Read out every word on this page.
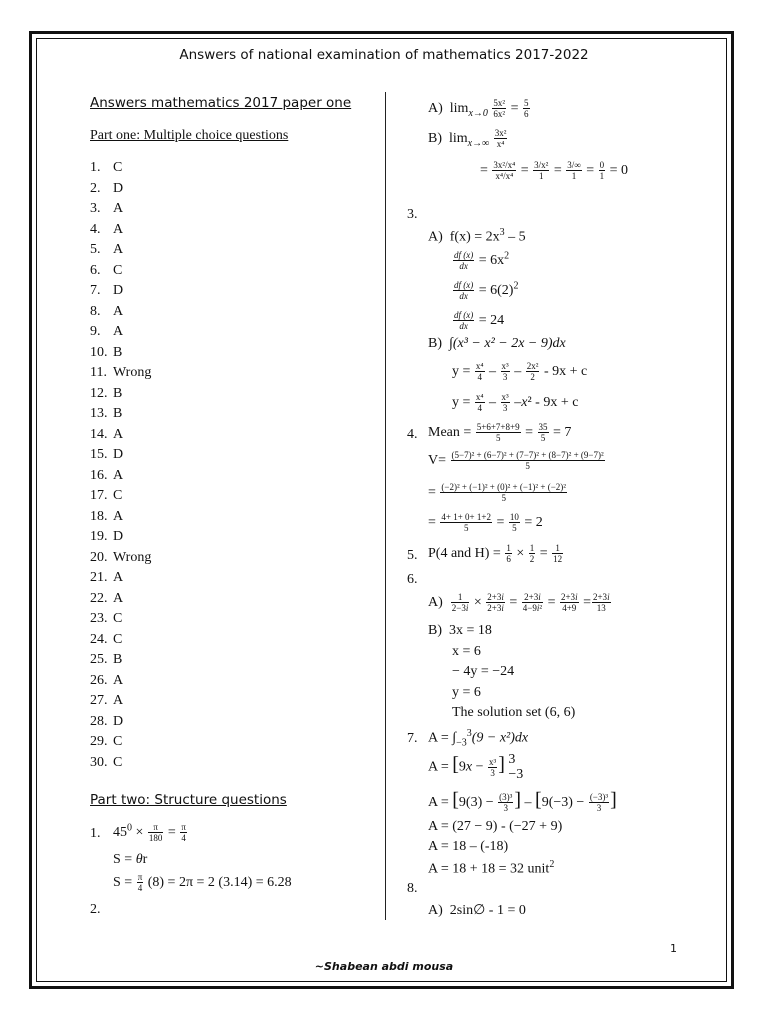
Answers of national examination of mathematics 2017-2022
Answers mathematics 2017 paper one
Part one: Multiple choice questions
1. C
2. D
3. A
4. A
5. A
6. C
7. D
8. A
9. A
10. B
11. Wrong
12. B
13. B
14. A
15. D
16. A
17. C
18. A
19. D
20. Wrong
21. A
22. A
23. C
24. C
25. B
26. A
27. A
28. D
29. C
30. C
Part two: Structure questions
1. $45^0 \times \frac{\pi}{180} = \frac{\pi}{4}$
S = θr
$S = \frac{\pi}{4} (8) = 2\pi = 2$ (3.14) = 6.28
2.
A)  $\lim_{x\to 0} \frac{\text{5x²}}{\text{6x²}} = \frac{5}{6}$
B)  $\lim_{x\to\infty} \frac{\text{3x²}}{\text{x⁴}}$
= $\frac{\text{3x²/x⁴}}{\text{x⁴/x⁴}} = \frac{\text{3/x²}}{1} = \frac{3/\infty}{1} = \frac{0}{1} = 0$
3.
A)  $f(x) = 2x^3 - 5$
$\frac{df (x)}{dx} = 6x^2$
$\frac{df (x)}{dx} = 6(2)^2$
$\frac{df (x)}{dx} = 24$
B)  ∫(x³ − x² − 2x − 9)dx
$y = \frac{\text{x⁴}}{4} - \frac{\text{x³}}{3} - \frac{\text{2x²}}{2} - 9x + c$
$y = \frac{\text{x⁴}}{4} - \frac{\text{x³}}{3} -x^2 - 9x + c$
4. Mean = $\frac{5+6+7+8+9}{5} = \frac{35}{5} = 7$
$V= \frac{\text{(5−7)² + (6−7)² + (7−7)² + (8−7)² + (9−7)²}}{5}$
= $\frac{\text{(−2)² + (−1)² + (0)² + (−1)² + (−2)²}}{5}$
= $\frac{4+ 1+ 0+ 1+2}{5} = \frac{10}{5} = 2$
5. P(4 and $H) = \frac{1}{6} \times \frac{1}{2} = \frac{1}{12}$
6.
$A) \frac{1}{2-3i} \times \frac{2+3i}{2+3i} = \frac{2+3i}{\text{4−9i²}} = \frac{2+3i}{4+9} = \frac{2+3i}{13}$
B)  3x = 18
x = 6
− 4y = −24
y = 6
The solution set (6, 6)
7. $A = \int_{-3}^3(9 - x^2)dx$
$A = [9x - \frac{\text{x³}}{3}$ ] 3
−3
$A = [9(3) - \frac{\text{(3)³}}{3}$ ] – [$9(-3) - \frac{\text{(−3)³}}{3}$ ]
A = (27 − 9) - (−27 + 9)
A = 18 – (-18)
A = 18 + 18 = 32 unit$^2$
8.
A)  2sin∅ - 1 = 0
1
~Shabean abdi mousa
